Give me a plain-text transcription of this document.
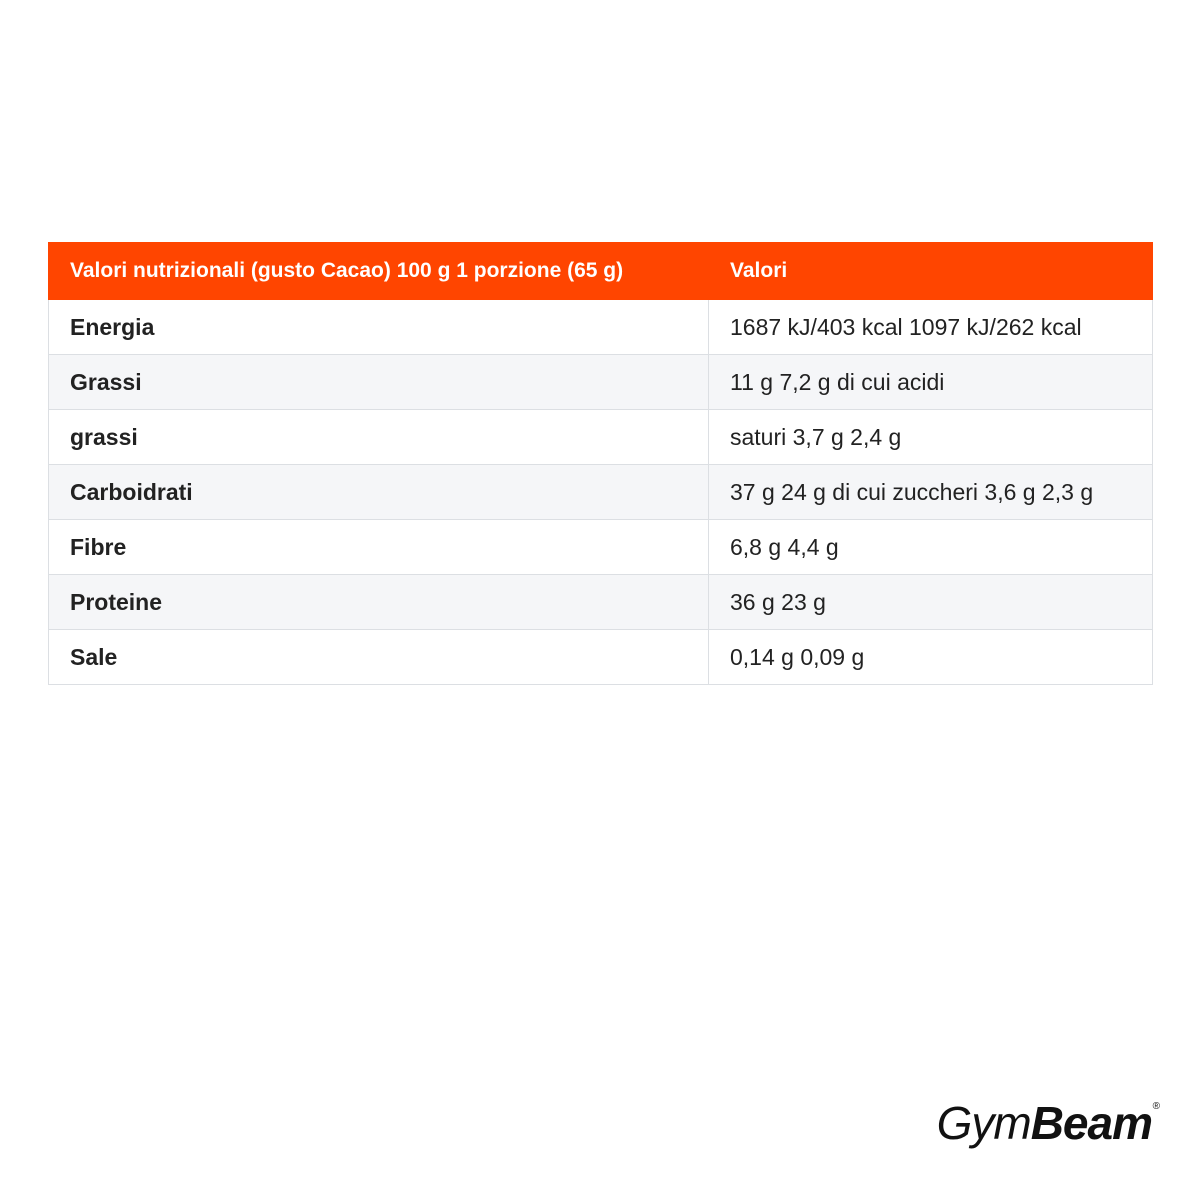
Valori nutrizionali (gusto Cacao) 100 g 1 porzione (65 g)	Valori
Energia	1687 kJ/403 kcal 1097 kJ/262 kcal
Grassi	11 g 7,2 g di cui acidi
grassi	saturi 3,7 g 2,4 g
Carboidrati	37 g 24 g di cui zuccheri 3,6 g 2,3 g
Fibre	6,8 g 4,4 g
Proteine	36 g 23 g
Sale	0,14 g 0,09 g
GymBeam ®
